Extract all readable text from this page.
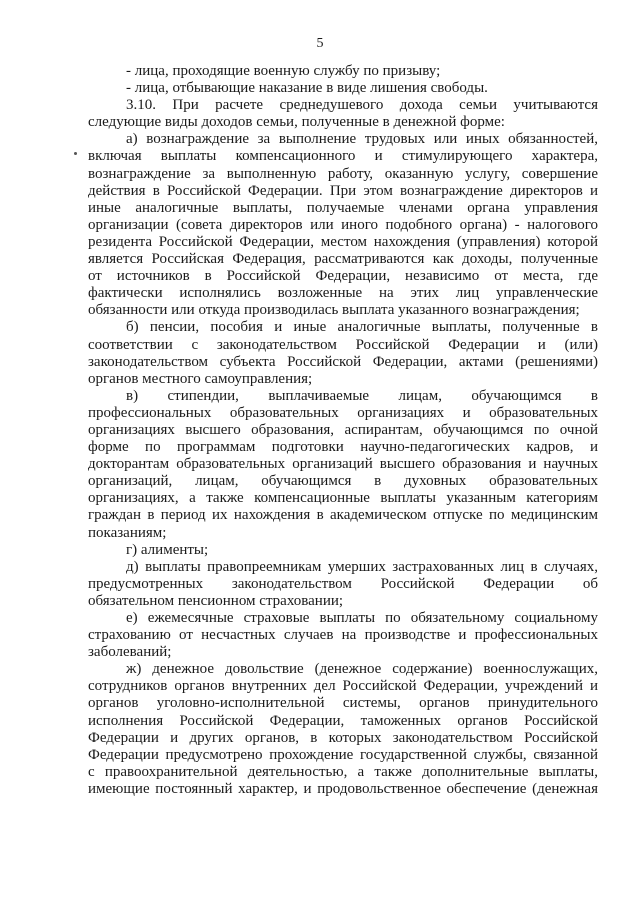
5
- лица, проходящие военную службу по призыву;
- лица, отбывающие наказание в виде лишения свободы.
3.10. При расчете среднедушевого дохода семьи учитываются
следующие виды доходов семьи, полученные в денежной форме:
а) вознаграждение за выполнение трудовых или иных обязанностей,
включая выплаты компенсационного и стимулирующего характера,
вознаграждение за выполненную работу, оказанную услугу, совершение
действия в Российской Федерации. При этом вознаграждение директоров и
иные аналогичные выплаты, получаемые членами органа управления
организации (совета директоров или иного подобного органа) - налогового
резидента Российской Федерации, местом нахождения (управления) которой
является Российская Федерация, рассматриваются как доходы, полученные
от источников в Российской Федерации, независимо от места, где
фактически исполнялись возложенные на этих лиц управленческие
обязанности или откуда производилась выплата указанного вознаграждения;
б) пенсии, пособия и иные аналогичные выплаты, полученные в
соответствии с законодательством Российской Федерации и (или)
законодательством субъекта Российской Федерации, актами (решениями)
органов местного самоуправления;
в) стипендии, выплачиваемые лицам, обучающимся в
профессиональных образовательных организациях и образовательных
организациях высшего образования, аспирантам, обучающимся по очной
форме по программам подготовки научно-педагогических кадров, и
докторантам образовательных организаций высшего образования и научных
организаций, лицам, обучающимся в духовных образовательных
организациях, а также компенсационные выплаты указанным категориям
граждан в период их нахождения в академическом отпуске по медицинским
показаниям;
г) алименты;
д) выплаты правопреемникам умерших застрахованных лиц в случаях,
предусмотренных законодательством Российской Федерации об
обязательном пенсионном страховании;
е) ежемесячные страховые выплаты по обязательному социальному
страхованию от несчастных случаев на производстве и профессиональных
заболеваний;
ж) денежное довольствие (денежное содержание) военнослужащих,
сотрудников органов внутренних дел Российской Федерации, учреждений и
органов уголовно-исполнительной системы, органов принудительного
исполнения Российской Федерации, таможенных органов Российской
Федерации и других органов, в которых законодательством Российской
Федерации предусмотрено прохождение государственной службы, связанной
с правоохранительной деятельностью, а также дополнительные выплаты,
имеющие постоянный характер, и продовольственное обеспечение (денежная
